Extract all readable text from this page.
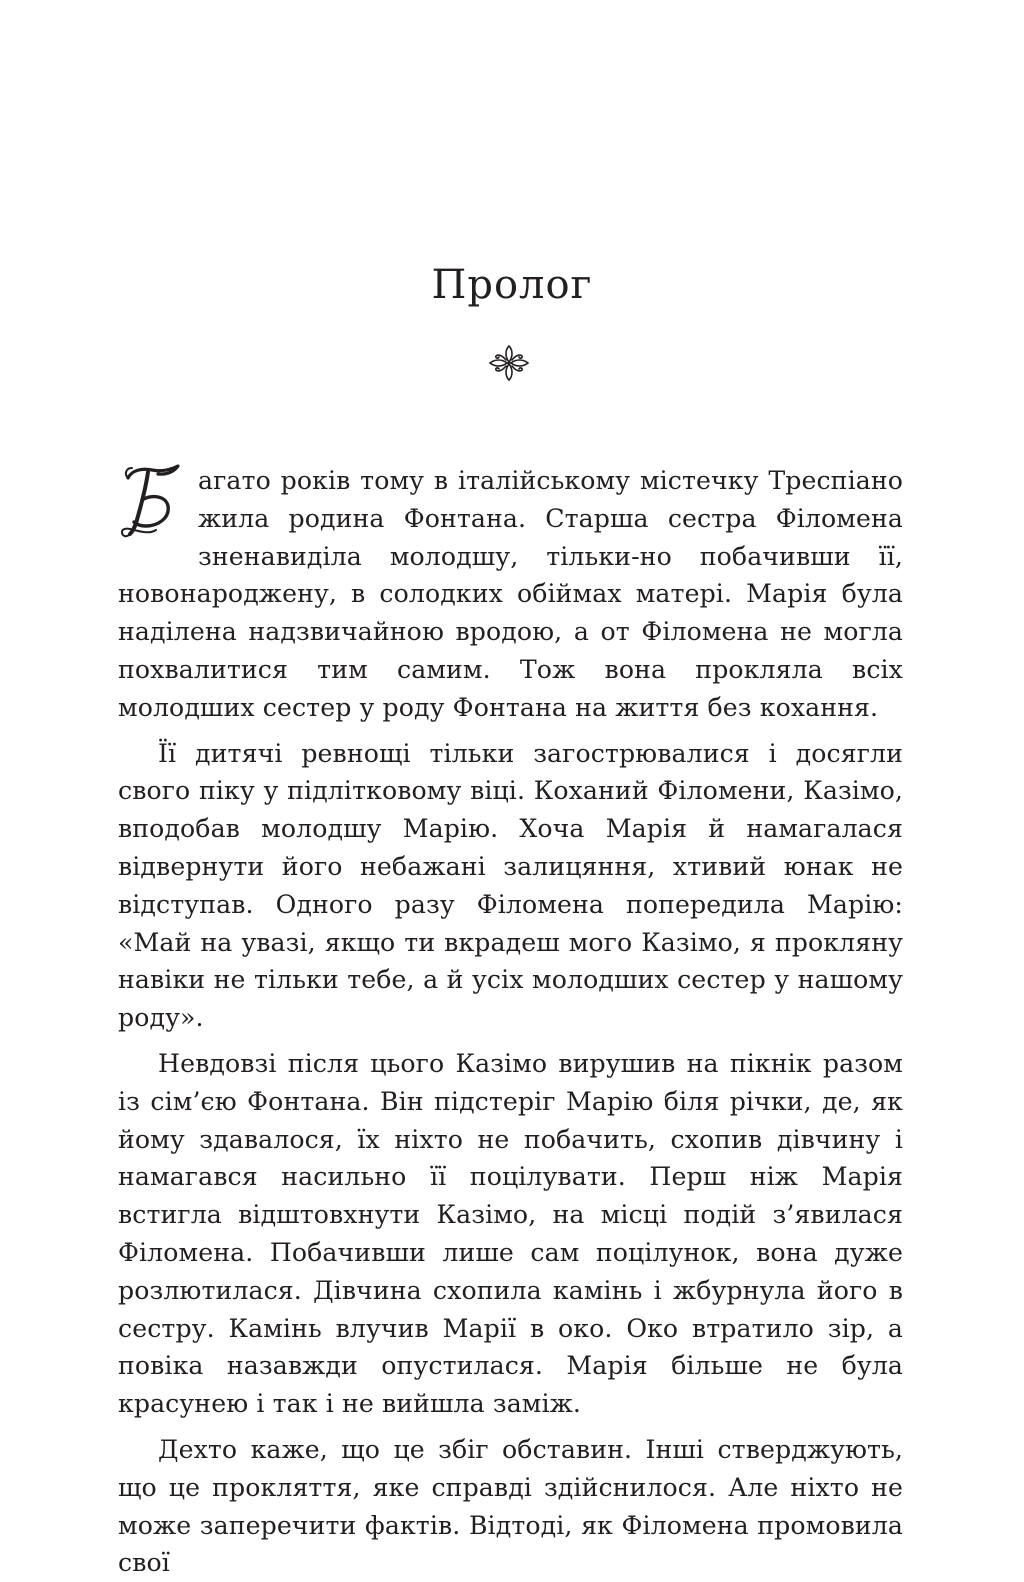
Пролог

агато років тому в італійському містечку Треспіано жила родина Фонтана. Старша сестра Філомена зненавиділа молодшу, тільки-но побачивши її, новонароджену, в солодких обіймах матері. Марія була наділена надзвичайною вродою, а от Філомена не могла похвалитися тим самим. Тож вона прокляла всіх молодших сестер у роду Фонтана на життя без кохання.

Її дитячі ревнощі тільки загострювалися і досягли свого піку у підлітковому віці. Коханий Філомени, Казімо, вподобав молодшу Марію. Хоча Марія й намагалася відвернути його небажані залицяння, хтивий юнак не відступав. Одного разу Філомена попередила Марію: «Май на увазі, якщо ти вкрадеш мого Казімо, я прокляну навіки не тільки тебе, а й усіх молодших сестер у нашому роду».

Невдовзі після цього Казімо вирушив на пікнік разом із сім’єю Фонтана. Він підстеріг Марію біля річки, де, як йому здавалося, їх ніхто не побачить, схопив дівчину і намагався насильно її поцілувати. Перш ніж Марія встигла відштовхнути Казімо, на місці подій з’явилася Філомена. Побачивши лише сам поцілунок, вона дуже розлютилася. Дівчина схопила камінь і жбурнула його в сестру. Камінь влучив Марії в око. Око втратило зір, а повіка назавжди опустилася. Марія більше не була красунею і так і не вийшла заміж.

Дехто каже, що це збіг обставин. Інші стверджують, що це прокляття, яке справді здійснилося. Але ніхто не може заперечити фактів. Відтоді, як Філомена промовила свої
